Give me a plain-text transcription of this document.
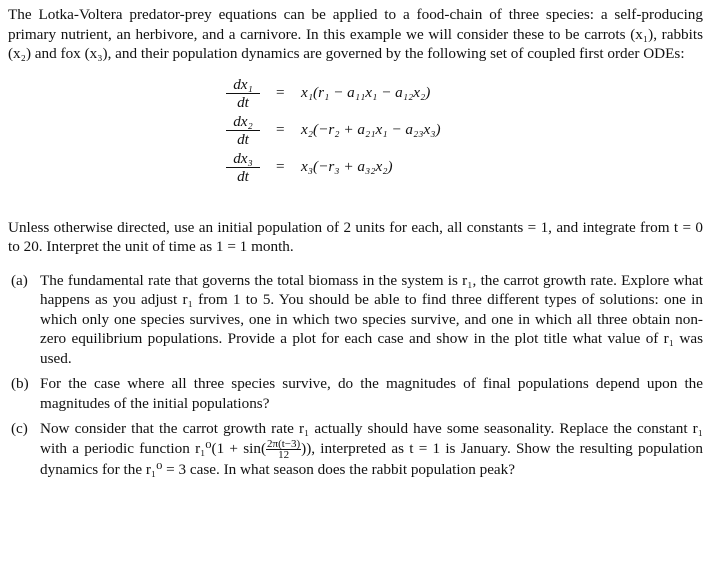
The Lotka-Voltera predator-prey equations can be applied to a food-chain of three species: a self-producing primary nutrient, an herbivore, and a carnivore. In this example we will consider these to be carrots (x₁), rabbits (x₂) and fox (x₃), and their population dynamics are governed by the following set of coupled first order ODEs:

$\frac{\text{dx₁}}{dt} = x_1(r_1 - a_{11}x_1 - a_{12}x_2)$
$\frac{\text{dx₂}}{dt} = x_2(-r_2 + a_{21}x_1 - a_{23}x_3)$
$\frac{\text{dx₃}}{dt} = x_3(-r_3 + a_{32}x_2)$

Unless otherwise directed, use an initial population of 2 units for each, all constants = 1, and integrate from t = 0 to 20. Interpret the unit of time as 1 = 1 month.

(a) The fundamental rate that governs the total biomass in the system is r₁, the carrot growth rate. Explore what happens as you adjust r₁ from 1 to 5. You should be able to find three different types of solutions: one in which only one species survives, one in which two species survive, and one in which all three obtain non-zero equilibrium populations. Provide a plot for each case and show in the plot title what value of r₁ was used.
(b) For the case where all three species survive, do the magnitudes of final populations depend upon the magnitudes of the initial populations?
(c) Now consider that the carrot growth rate r₁ actually should have some seasonality. Replace the constant r₁ with a periodic function $r_1^0(1 + \sin( \frac{2\pi(t-3)}{12}$ )), interpreted as t = 1 is January. Show the resulting population dynamics for the r₁⁰ = 3 case. In what season does the rabbit population peak?
